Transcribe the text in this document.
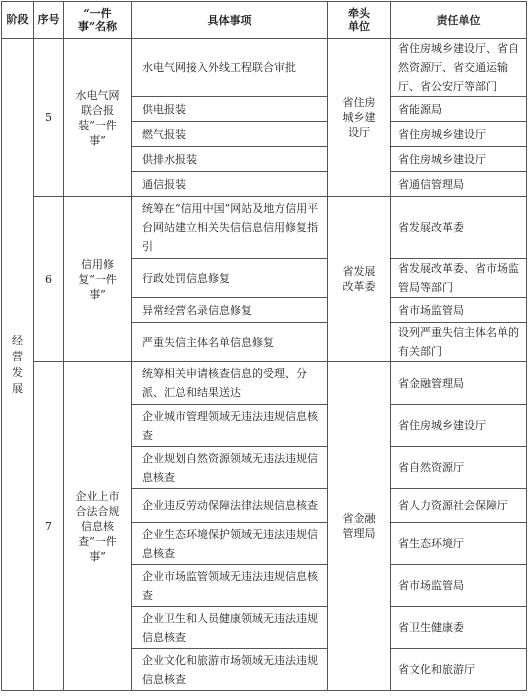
阶段	序号	“一件事”名称	具体事项	牵头单位	责任单位

经营发展	5	水电气网联合报装“一件事”	水电气网接入外线工程联合审批	省住房城乡建设厅	省住房城乡建设厅、省自然资源厅、省交通运输厅、省公安厅等部门
			供电报装		省能源局
			燃气报装		省住房城乡建设厅
			供排水报装		省住房城乡建设厅
			通信报装		省通信管理局
	6	信用修复“一件事”	统筹在“信用中国”网站及地方信用平台网站建立相关失信信息信用修复指引	省发展改革委	省发展改革委
			行政处罚信息修复		省发展改革委、省市场监管局等部门
			异常经营名录信息修复		省市场监管局
			严重失信主体名单信息修复		设列严重失信主体名单的有关部门
	7	企业上市合法合规信息核查“一件事”	统筹相关申请核查信息的受理、分派、汇总和结果送达	省金融管理局	省金融管理局
			企业城市管理领域无违法违规信息核查		省住房城乡建设厅
			企业规划自然资源领域无违法违规信息核查		省自然资源厅
			企业违反劳动保障法律法规信息核查		省人力资源社会保障厅
			企业生态环境保护领域无违法违规信息核查		省生态环境厅
			企业市场监管领域无违法违规信息核查		省市场监管局
			企业卫生和人员健康领域无违法违规信息核查		省卫生健康委
			企业文化和旅游市场领域无违法违规信息核查		省文化和旅游厅
